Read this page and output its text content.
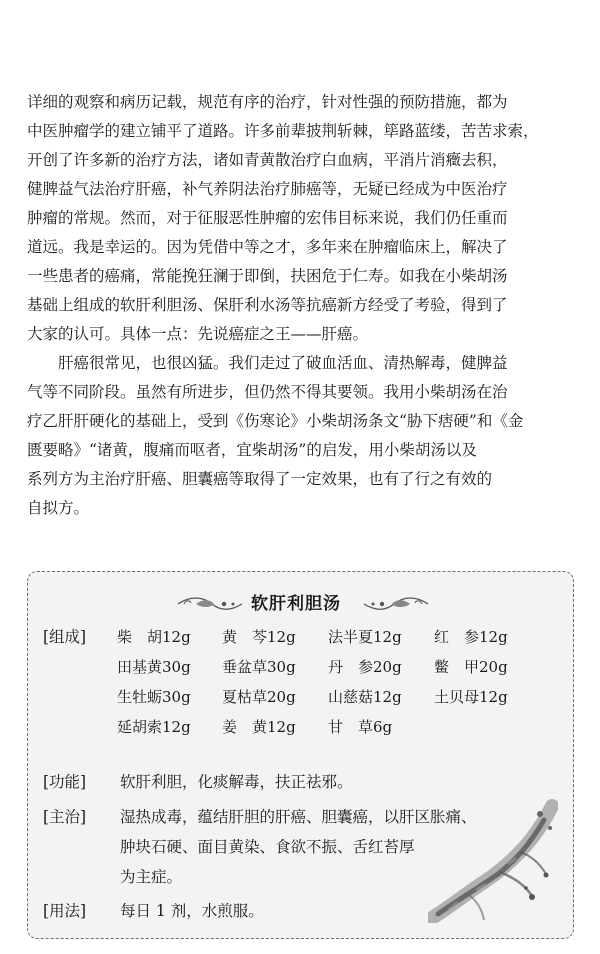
详细的观察和病历记载，规范有序的治疗，针对性强的预防措施，都为
中医肿瘤学的建立铺平了道路。许多前辈披荆斩棘，筚路蓝缕，苦苦求索，
开创了许多新的治疗方法，诸如青黄散治疗白血病，平消片消癥去积，
健脾益气法治疗肝癌，补气养阴法治疗肺癌等，无疑已经成为中医治疗
肿瘤的常规。然而，对于征服恶性肿瘤的宏伟目标来说，我们仍任重而
道远。我是幸运的。因为凭借中等之才，多年来在肿瘤临床上，解决了
一些患者的癌痛，常能挽狂澜于即倒，扶困危于仁寿。如我在小柴胡汤
基础上组成的软肝利胆汤、保肝利水汤等抗癌新方经受了考验，得到了
大家的认可。具体一点：先说癌症之王——肝癌。
肝癌很常见，也很凶猛。我们走过了破血活血、清热解毒，健脾益
气等不同阶段。虽然有所进步，但仍然不得其要领。我用小柴胡汤在治
疗乙肝肝硬化的基础上，受到《伤寒论》小柴胡汤条文“胁下痞硬”和《金
匮要略》“诸黄，腹痛而呕者，宜柴胡汤”的启发，用小柴胡汤以及
系列方为主治疗肝癌、胆囊癌等取得了一定效果，也有了行之有效的
自拟方。
软肝利胆汤
[组成] 柴　胡12g 黄　芩12g 法半夏12g 红　参12g
田基黄30g 垂盆草30g 丹　参20g 鳖　甲20g
生牡蛎30g 夏枯草20g 山慈菇12g 土贝母12g
延胡索12g 姜　黄12g 甘　草6g
[功能] 软肝利胆，化痰解毒，扶正祛邪。
[主治] 湿热成毒，蕴结肝胆的肝癌、胆囊癌，以肝区胀痛、
肿块石硬、面目黄染、食欲不振、舌红苔厚
为主症。
[用法] 每日 1 剂，水煎服。
